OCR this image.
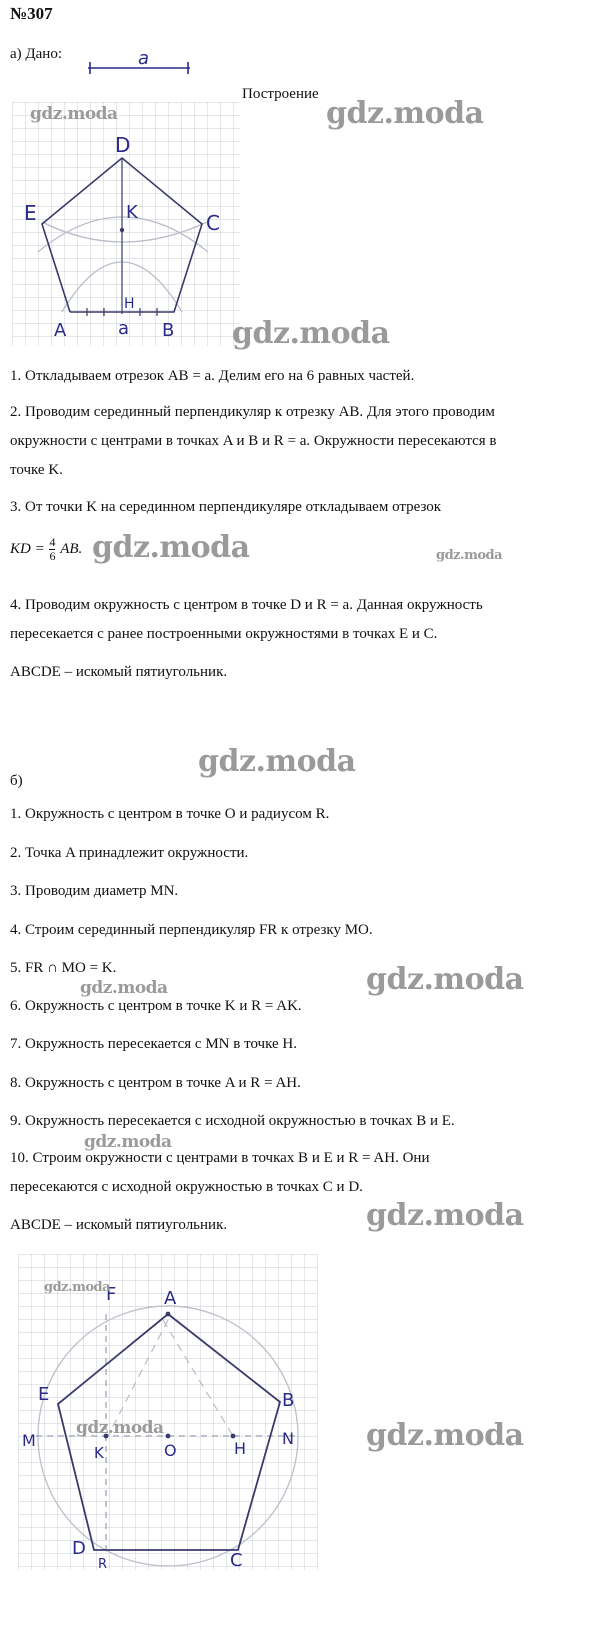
№307
а) Дано:	a
Построение
D
E	C
K
H
A	a B
1. Откладываем отрезок AB = a. Делим его на 6 равных частей.
2. Проводим серединный перпендикуляр к отрезку AB. Для этого проводим
окружности с центрами в точках A и B и R = a. Окружности пересекаются в
точке K.
3. От точки K на серединном перпендикуляре откладываем отрезок
KD = $\frac{4}{6}$ AB.
4. Проводим окружность с центром в точке D и R = a. Данная окружность
пересекается с ранее построенными окружностями в точках E и C.
ABCDE – искомый пятиугольник.
б)
1. Окружность с центром в точке O и радиусом R.
2. Точка A принадлежит окружности.
3. Проводим диаметр MN.
4. Строим серединный перпендикуляр FR к отрезку MO.
5. FR ∩ MO = K.
6. Окружность с центром в точке K и R = AK.
7. Окружность пересекается с MN в точке H.
8. Окружность с центром в точке A и R = AH.
9. Окружность пересекается с исходной окружностью в точках B и E.
10. Строим окружности с центрами в точках B и E и R = AH. Они
пересекаются с исходной окружностью в точках C и D.
ABCDE – искомый пятиугольник.
F	A
E	B
M
K	O	H
N
D
R	C
gdz.moda	gdz.moda
gdz.moda
gdz.moda	gdz.moda
gdz.moda
gdz.moda
gdz.moda
gdz.moda
gdz.moda
gdz.moda
gdz.moda	gdz.moda
